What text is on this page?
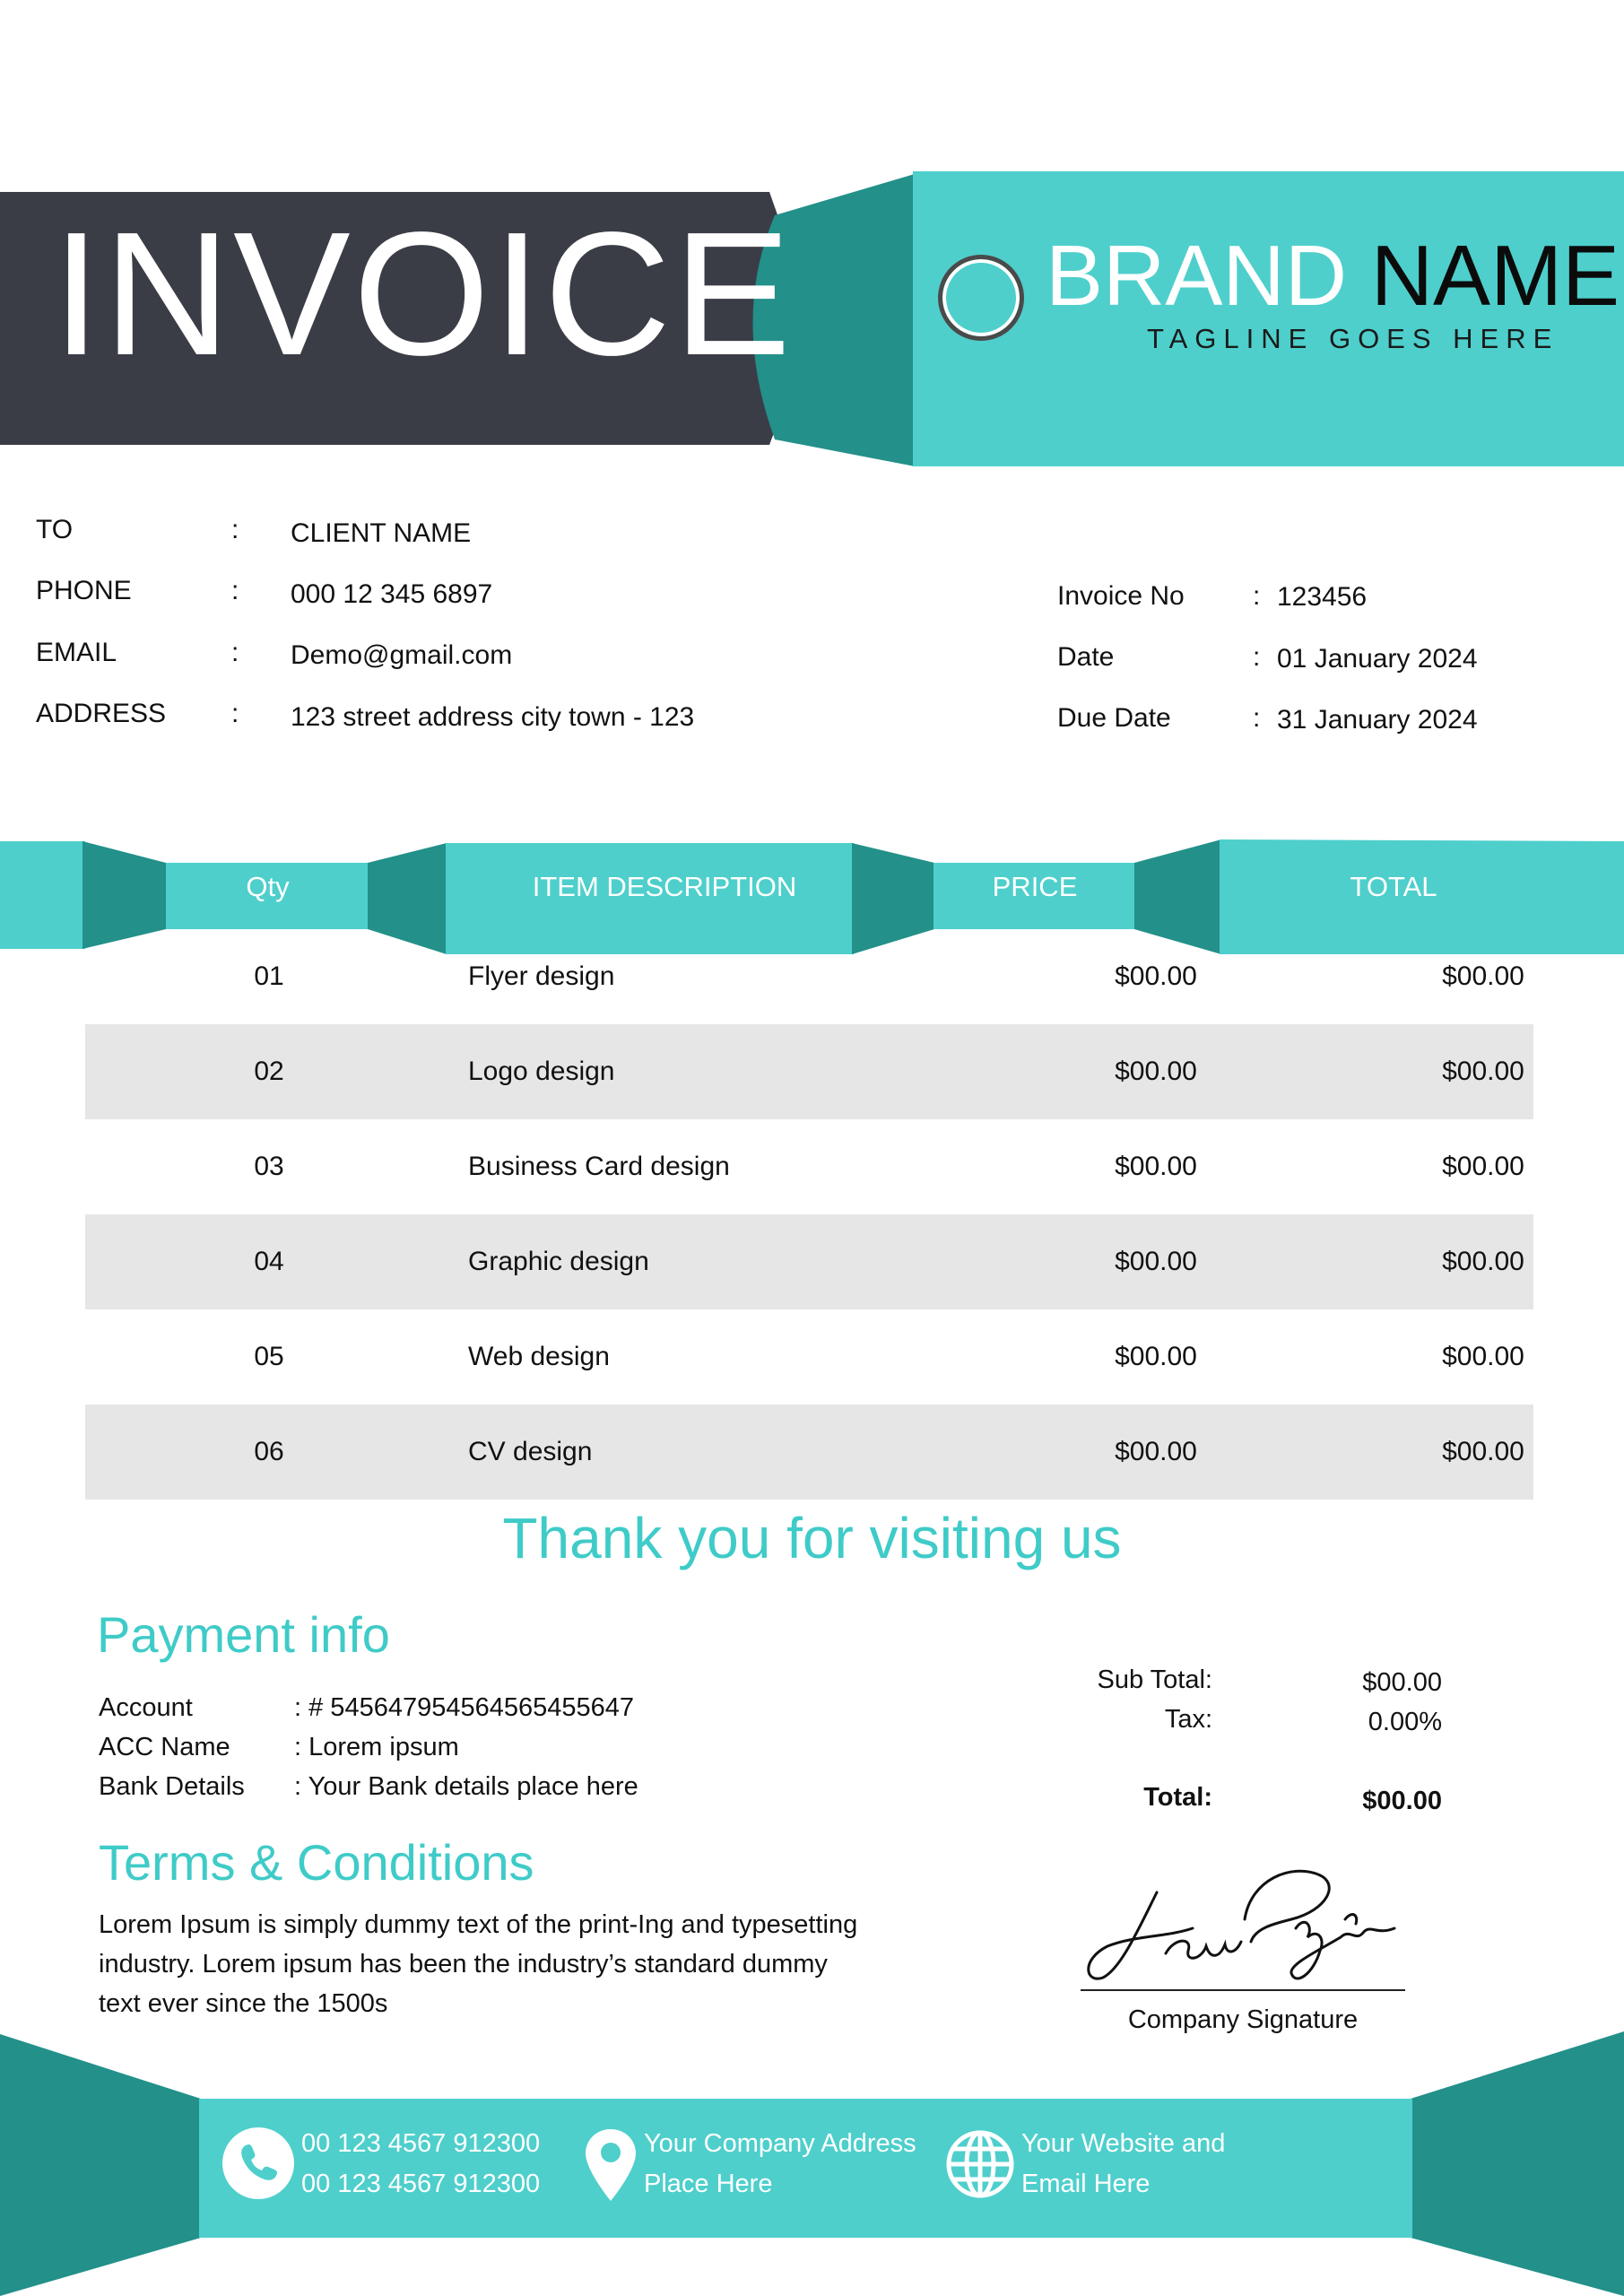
INVOICE	BRAND NAME
TAGLINE GOES HERE
TO	: CLIENT NAME
PHONE	: 000 12 345 6897
EMAIL	: Demo@gmail.com
ADDRESS : 123 street address city town - 123
Invoice No	: 123456
Date	: 01 January 2024
Due Date	: 31 January 2024
Qty	ITEM DESCRIPTION	PRICE	TOTAL
01	Flyer design	$00.00	$00.00
02	Logo design	$00.00	$00.00
03	Business Card design	$00.00	$00.00
04	Graphic design	$00.00	$00.00
05	Web design	$00.00	$00.00
06	CV design	$00.00	$00.00
Thank you for visiting us
Payment info
Account	: # 545647954564565455647
ACC Name : Lorem ipsum
Bank Details : Your Bank details place here
Terms & Conditions
Lorem Ipsum is simply dummy text of the print-Ing and typesetting industry. Lorem ipsum has been the industry’s standard dummy text ever since the 1500s
Sub Total:	$00.00
Tax:	0.00%
Total:	$00.00
Company Signature
00 123 4567 912300
00 123 4567 912300
Your Company Address
Place Here
Your Website and
Email Here
